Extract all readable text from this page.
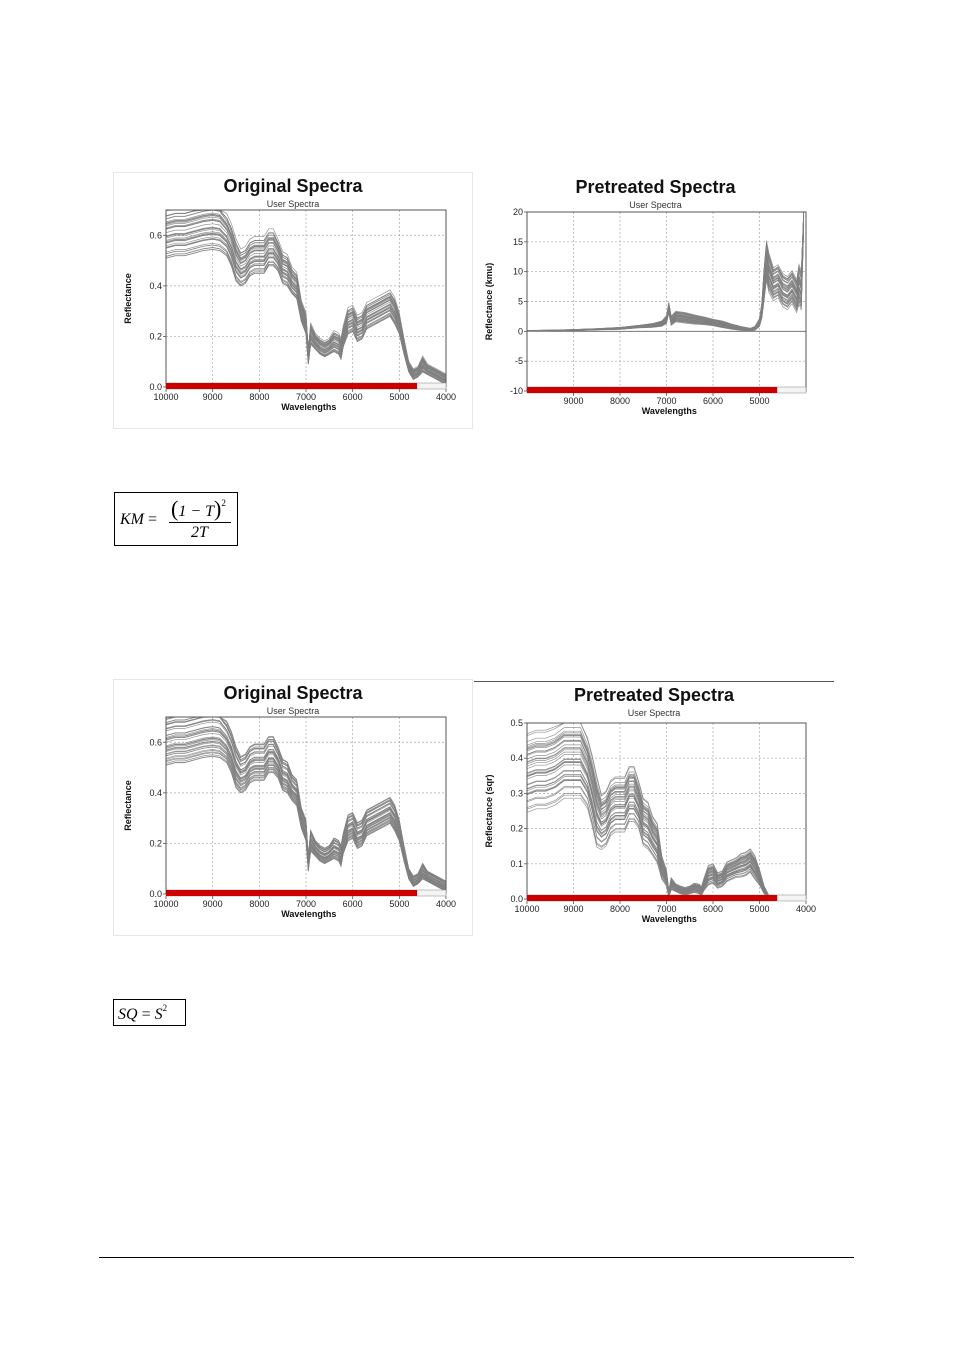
Original Spectra
User Spectra
10000	9000	8000	7000	6000	5000	4000
0.0
0.2
0.4
0.6
Wavelengths
Reflectance
Pretreated Spectra
User Spectra
9000	8000	7000	6000	5000
-10
-5
0
5
10
15
20
Wavelengths
Reflectance (kmu)
KM = $(1 - T)^2$
2T
Original Spectra
User Spectra
10000	9000	8000	7000	6000	5000	4000
0.0
0.2
0.4
0.6
Wavelengths
Reflectance
Pretreated Spectra
User Spectra
10000	9000	8000	7000	6000	5000	4000
0.0
0.1
0.2
0.3
0.4
0.5
Wavelengths
Reflectance (sqr)
SQ = $S^2$
